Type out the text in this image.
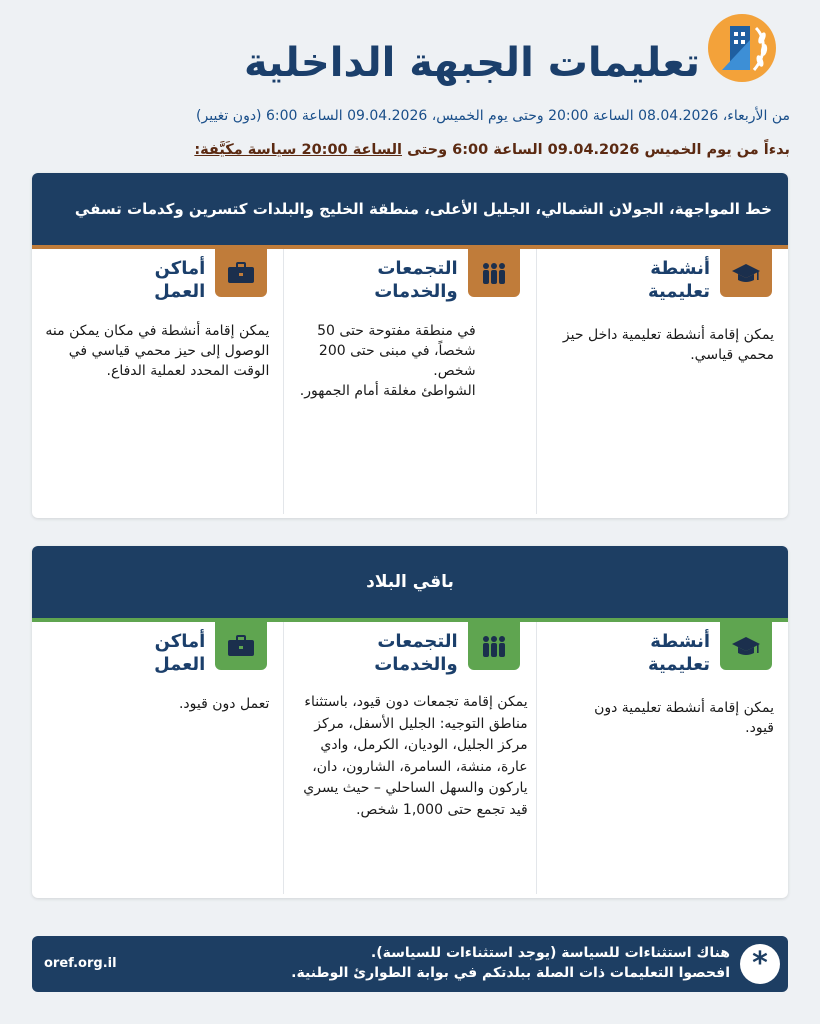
تعليمات الجبهة الداخلية

من الأربعاء، 08.04.2026 الساعة 20:00 وحتى يوم الخميس، 09.04.2026 الساعة 6:00 (دون تغيير)

بدءاً من يوم الخميس 09.04.2026 الساعة 6:00 وحتى الساعة 20:00 سياسة مكَيَّفة:

خط المواجهة، الجولان الشمالي، الجليل الأعلى، منطقة الخليج والبلدات كتسرين وكدمات تسفي
أنشطة
تعليمية

يمكن إقامة أنشطة تعليمية داخل حيز محمي قياسي.

التجمعات
والخدمات

في منطقة مفتوحة حتى 50 شخصاً، في مبنى حتى 200 شخص.

الشواطئ مغلقة أمام الجمهور.

أماكن
العمل

يمكن إقامة أنشطة في مكان يمكن منه الوصول إلى حيز محمي قياسي في الوقت المحدد لعملية الدفاع.

باقي البلاد
أنشطة
تعليمية

يمكن إقامة أنشطة تعليمية دون قيود.

التجمعات
والخدمات

يمكن إقامة تجمعات دون قيود، باستثناء مناطق التوجيه: الجليل الأسفل، مركز مركز الجليل، الوديان، الكرمل، وادي عارة، منشة، السامرة، الشارون، دان، ياركون والسهل الساحلي – حيث يسري قيد تجمع حتى 1,000 شخص.

أماكن
العمل

تعمل دون قيود.

*
هناك استثناءات للسياسة (يوجد استثناءات للسياسة).
افحصوا التعليمات ذات الصلة ببلدتكم في بوابة الطوارئ الوطنية.
oref.org.il
